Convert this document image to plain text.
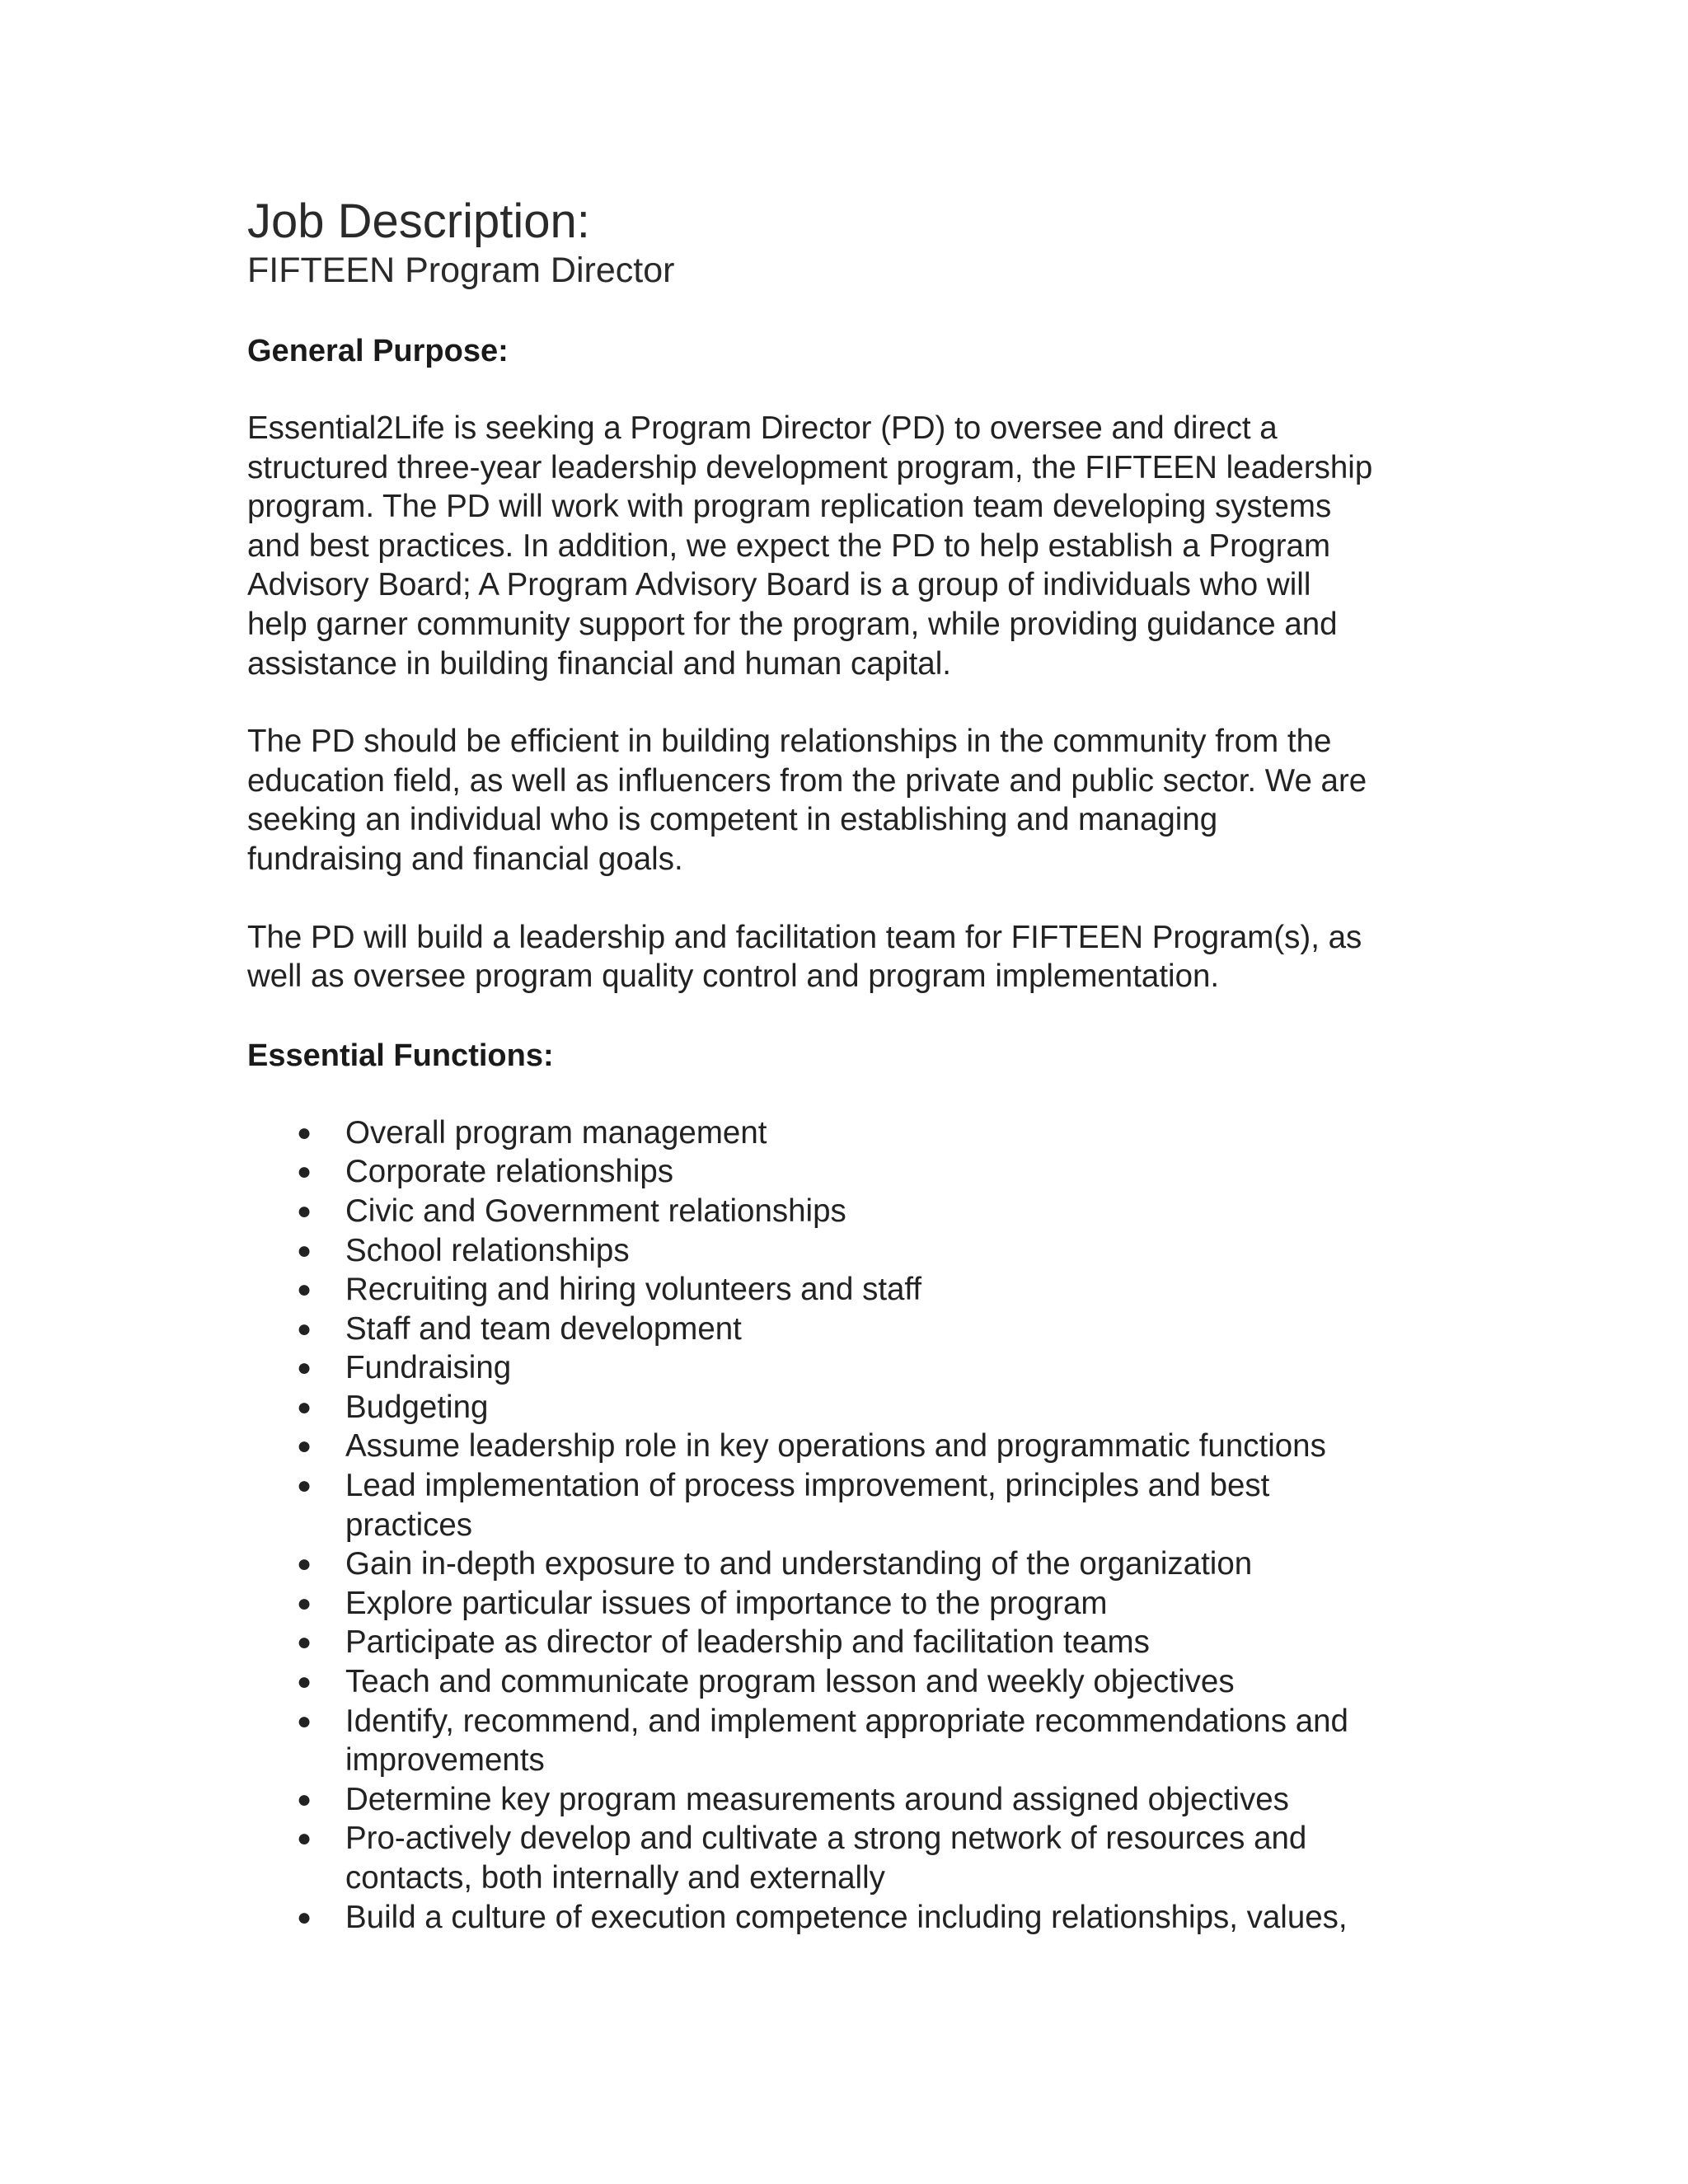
Job Description:
FIFTEEN Program Director
General Purpose:

Essential2Life is seeking a Program Director (PD) to oversee and direct a
structured three-year leadership development program, the FIFTEEN leadership
program. The PD will work with program replication team developing systems
and best practices. In addition, we expect the PD to help establish a Program
Advisory Board; A Program Advisory Board is a group of individuals who will
help garner community support for the program, while providing guidance and
assistance in building financial and human capital.

The PD should be efficient in building relationships in the community from the
education field, as well as influencers from the private and public sector. We are
seeking an individual who is competent in establishing and managing
fundraising and financial goals.

The PD will build a leadership and facilitation team for FIFTEEN Program(s), as
well as oversee program quality control and program implementation.

Essential Functions:
● Overall program management
● Corporate relationships
● Civic and Government relationships
● School relationships
● Recruiting and hiring volunteers and staff
● Staff and team development
● Fundraising
● Budgeting
● Assume leadership role in key operations and programmatic functions
● Lead implementation of process improvement, principles and best
practices
● Gain in-depth exposure to and understanding of the organization
● Explore particular issues of importance to the program
● Participate as director of leadership and facilitation teams
● Teach and communicate program lesson and weekly objectives
● Identify, recommend, and implement appropriate recommendations and
improvements
● Determine key program measurements around assigned objectives
● Pro-actively develop and cultivate a strong network of resources and
contacts, both internally and externally
● Build a culture of execution competence including relationships, values,
